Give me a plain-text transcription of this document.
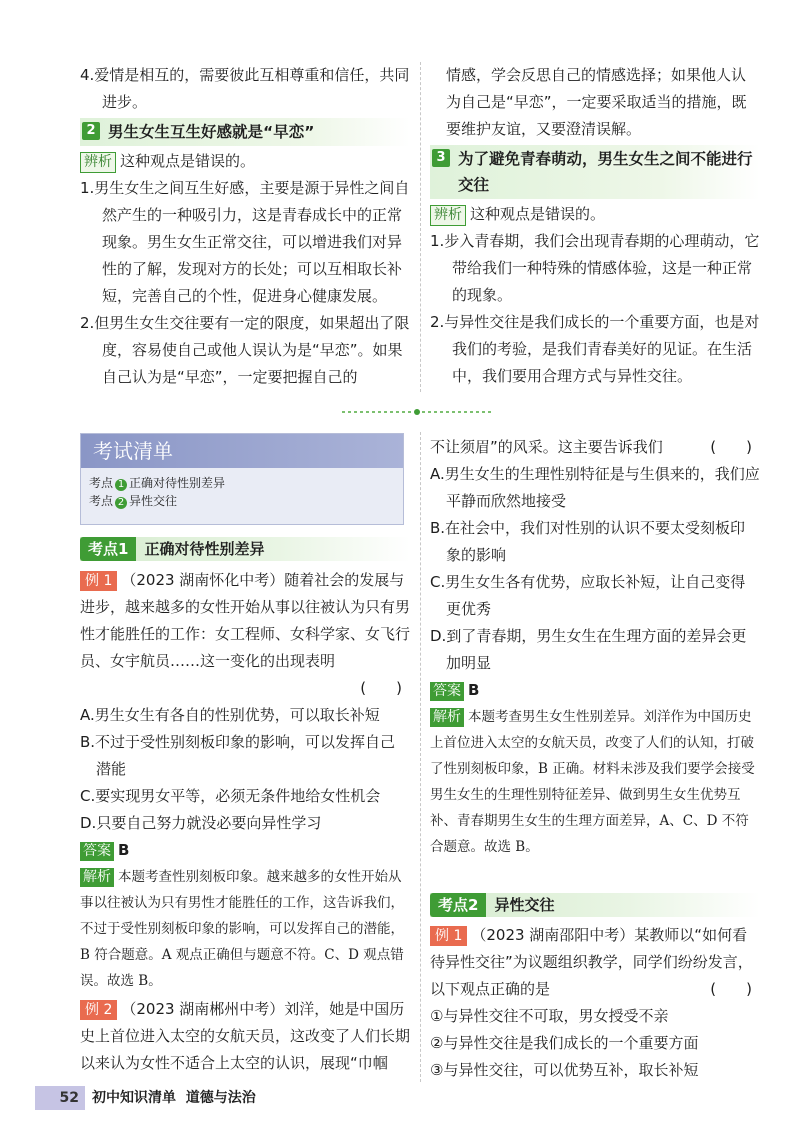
4.爱情是相互的，需要彼此互相尊重和信任，共同进步。

2 男生女生互生好感就是“早恋”

辨析 这种观点是错误的。

1.男生女生之间互生好感，主要是源于异性之间自然产生的一种吸引力，这是青春成长中的正常现象。男生女生正常交往，可以增进我们对异性的了解，发现对方的长处；可以互相取长补短，完善自己的个性，促进身心健康发展。

2.但男生女生交往要有一定的限度，如果超出了限度，容易使自己或他人误认为是“早恋”。如果自己认为是“早恋”，一定要把握自己的

情感，学会反思自己的情感选择；如果他人认为自己是“早恋”，一定要采取适当的措施，既要维护友谊，又要澄清误解。

3 为了避免青春萌动，男生女生之间不能进行交往

辨析 这种观点是错误的。

1.步入青春期，我们会出现青春期的心理萌动，它带给我们一种特殊的情感体验，这是一种正常的现象。

2.与异性交往是我们成长的一个重要方面，也是对我们的考验，是我们青春美好的见证。在生活中，我们要用合理方式与异性交往。

考试清单
考点 1 正确对待性别差异
考点 2 异性交往
考点1 正确对待性别差异

例 1 （2023 湖南怀化中考）随着社会的发展与进步，越来越多的女性开始从事以往被认为只有男性才能胜任的工作：女工程师、女科学家、女飞行员、女宇航员……这一变化的出现表明

(　　)

A.男生女生有各自的性别优势，可以取长补短

B.不过于受性别刻板印象的影响，可以发挥自己潜能

C.要实现男女平等，必须无条件地给女性机会

D.只要自己努力就没必要向异性学习

答案 B

解析 本题考查性别刻板印象。越来越多的女性开始从事以往被认为只有男性才能胜任的工作，这告诉我们，不过于受性别刻板印象的影响，可以发挥自己的潜能，B 符合题意。A 观点正确但与题意不符。C、D 观点错误。故选 B。

例 2 （2023 湖南郴州中考）刘洋，她是中国历史上首位进入太空的女航天员，这改变了人们长期以来认为女性不适合上太空的认识，展现“巾帼

不让须眉”的风采。这主要告诉我们	(　　)

A.男生女生的生理性别特征是与生俱来的，我们应平静而欣然地接受

B.在社会中，我们对性别的认识不要太受刻板印象的影响

C.男生女生各有优势，应取长补短，让自己变得更优秀

D.到了青春期，男生女生在生理方面的差异会更加明显

答案 B

解析 本题考查男生女生性别差异。刘洋作为中国历史上首位进入太空的女航天员，改变了人们的认知，打破了性别刻板印象，B 正确。材料未涉及我们要学会接受男生女生的生理性别特征差异、做到男生女生优势互补、青春期男生女生的生理方面差异，A、C、D 不符合题意。故选 B。

考点2 异性交往

例 1 （2023 湖南邵阳中考）某教师以“如何看待异性交往”为议题组织教学，同学们纷纷发言，以下观点正确的是	(　　)

①与异性交往不可取，男女授受不亲

②与异性交往是我们成长的一个重要方面

③与异性交往，可以优势互补，取长补短

52 初中知识清单 道德与法治
